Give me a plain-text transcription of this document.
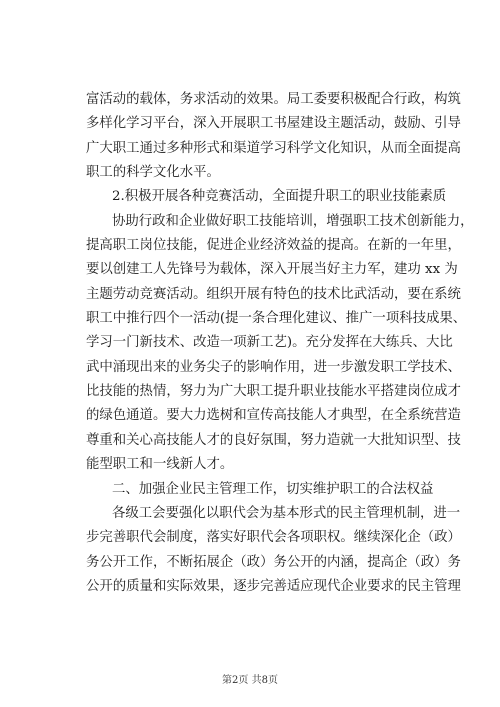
富活动的载体，务求活动的效果。局工委要积极配合行政，构筑
多样化学习平台，深入开展职工书屋建设主题活动，鼓励、引导
广大职工通过多种形式和渠道学习科学文化知识，从而全面提高
职工的科学文化水平。
2.积极开展各种竞赛活动，全面提升职工的职业技能素质
协助行政和企业做好职工技能培训，增强职工技术创新能力，
提高职工岗位技能，促进企业经济效益的提高。在新的一年里，
要以创建工人先锋号为载体，深入开展当好主力军，建功 xx 为
主题劳动竞赛活动。组织开展有特色的技术比武活动，要在系统
职工中推行四个一活动(提一条合理化建议、推广一项科技成果、
学习一门新技术、改造一项新工艺)。充分发挥在大练兵、大比
武中涌现出来的业务尖子的影响作用，进一步激发职工学技术、
比技能的热情，努力为广大职工提升职业技能水平搭建岗位成才
的绿色通道。要大力选树和宣传高技能人才典型，在全系统营造
尊重和关心高技能人才的良好氛围，努力造就一大批知识型、技
能型职工和一线新人才。
二、加强企业民主管理工作，切实维护职工的合法权益
各级工会要强化以职代会为基本形式的民主管理机制，进一
步完善职代会制度，落实好职代会各项职权。继续深化企（政）
务公开工作，不断拓展企（政）务公开的内涵，提高企（政）务
公开的质量和实际效果，逐步完善适应现代企业要求的民主管理
第2页 共8页
